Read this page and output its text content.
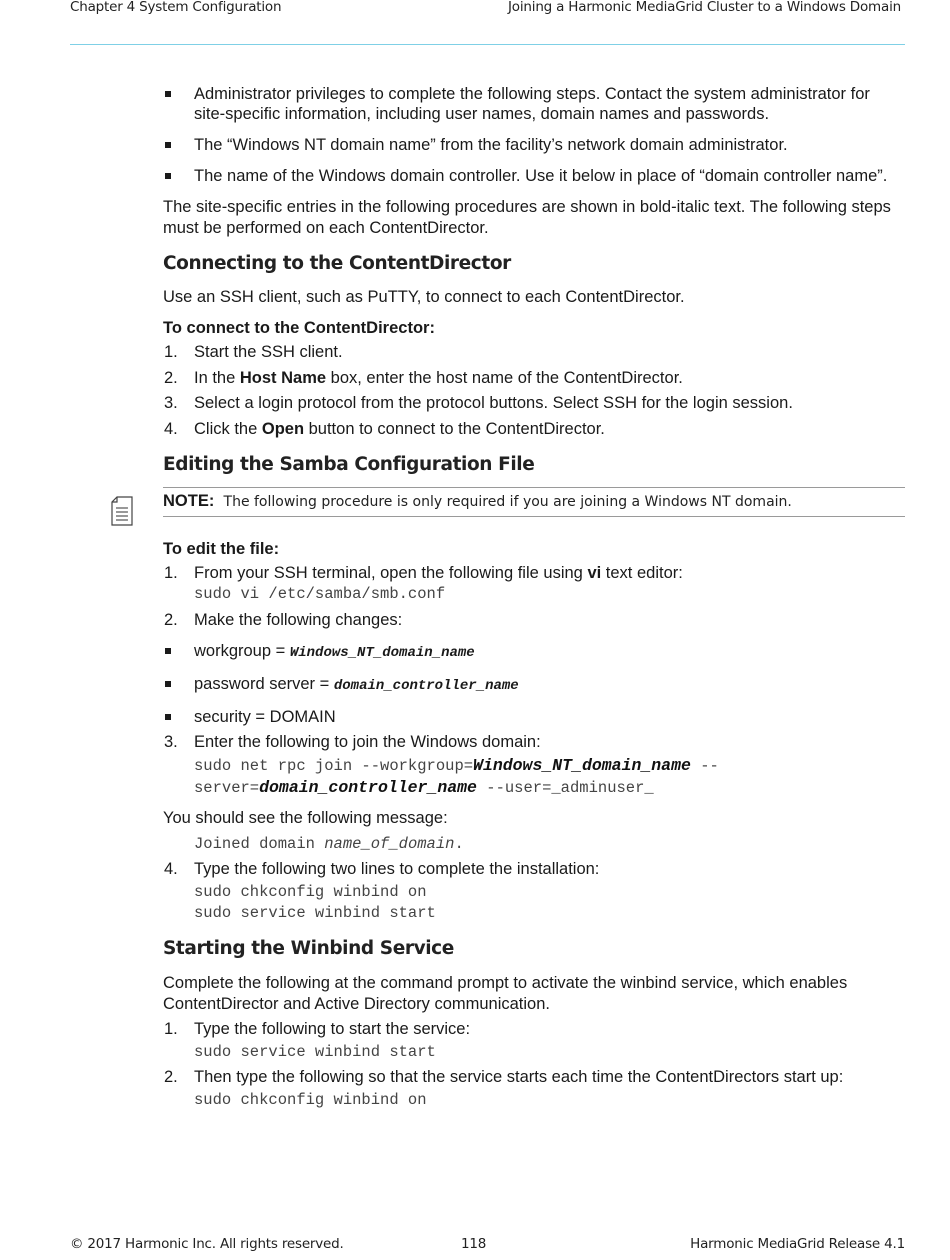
Chapter 4 System Configuration	Joining a Harmonic MediaGrid Cluster to a Windows Domain
Administrator privileges to complete the following steps. Contact the system administrator for site-specific information, including user names, domain names and passwords.
The “Windows NT domain name” from the facility’s network domain administrator.
The name of the Windows domain controller. Use it below in place of “domain controller name”.
The site-specific entries in the following procedures are shown in bold-italic text. The following steps must be performed on each ContentDirector.
Connecting to the ContentDirector
Use an SSH client, such as PuTTY, to connect to each ContentDirector.
To connect to the ContentDirector:
1. Start the SSH client.
2. In the Host Name box, enter the host name of the ContentDirector.
3. Select a login protocol from the protocol buttons. Select SSH for the login session.
4. Click the Open button to connect to the ContentDirector.
Editing the Samba Configuration File
NOTE: The following procedure is only required if you are joining a Windows NT domain.
To edit the file:
1. From your SSH terminal, open the following file using vi text editor:
sudo vi /etc/samba/smb.conf
2. Make the following changes:
workgroup = Windows_NT_domain_name
password server = domain_controller_name
security = DOMAIN
3. Enter the following to join the Windows domain:
sudo net rpc join --workgroup=Windows_NT_domain_name --
server=domain_controller_name --user=_adminuser_
You should see the following message:
Joined domain name_of_domain.
4. Type the following two lines to complete the installation:
sudo chkconfig winbind on
sudo service winbind start
Starting the Winbind Service
Complete the following at the command prompt to activate the winbind service, which enables ContentDirector and Active Directory communication.
1. Type the following to start the service:
sudo service winbind start
2. Then type the following so that the service starts each time the ContentDirectors start up:
sudo chkconfig winbind on
© 2017 Harmonic Inc. All rights reserved.	118	Harmonic MediaGrid Release 4.1
